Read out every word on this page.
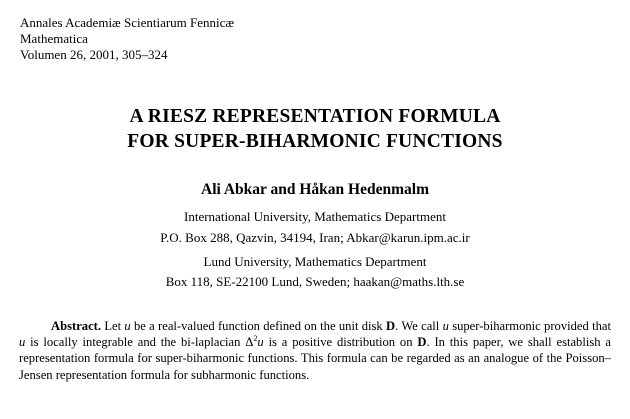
Annales Academiæ Scientiarum Fennicæ
Mathematica
Volumen 26, 2001, 305–324
A RIESZ REPRESENTATION FORMULA
FOR SUPER-BIHARMONIC FUNCTIONS
Ali Abkar and Håkan Hedenmalm
International University, Mathematics Department
P.O. Box 288, Qazvin, 34194, Iran; Abkar@karun.ipm.ac.ir
Lund University, Mathematics Department
Box 118, SE-22100 Lund, Sweden; haakan@maths.lth.se
Abstract. Let u be a real-valued function defined on the unit disk D. We call u super-biharmonic provided that u is locally integrable and the bi-laplacian $\Delta^2u$ is a positive distribution on D. In this paper, we shall establish a representation formula for super-biharmonic functions. This formula can be regarded as an analogue of the Poisson–Jensen representation formula for subharmonic functions.
